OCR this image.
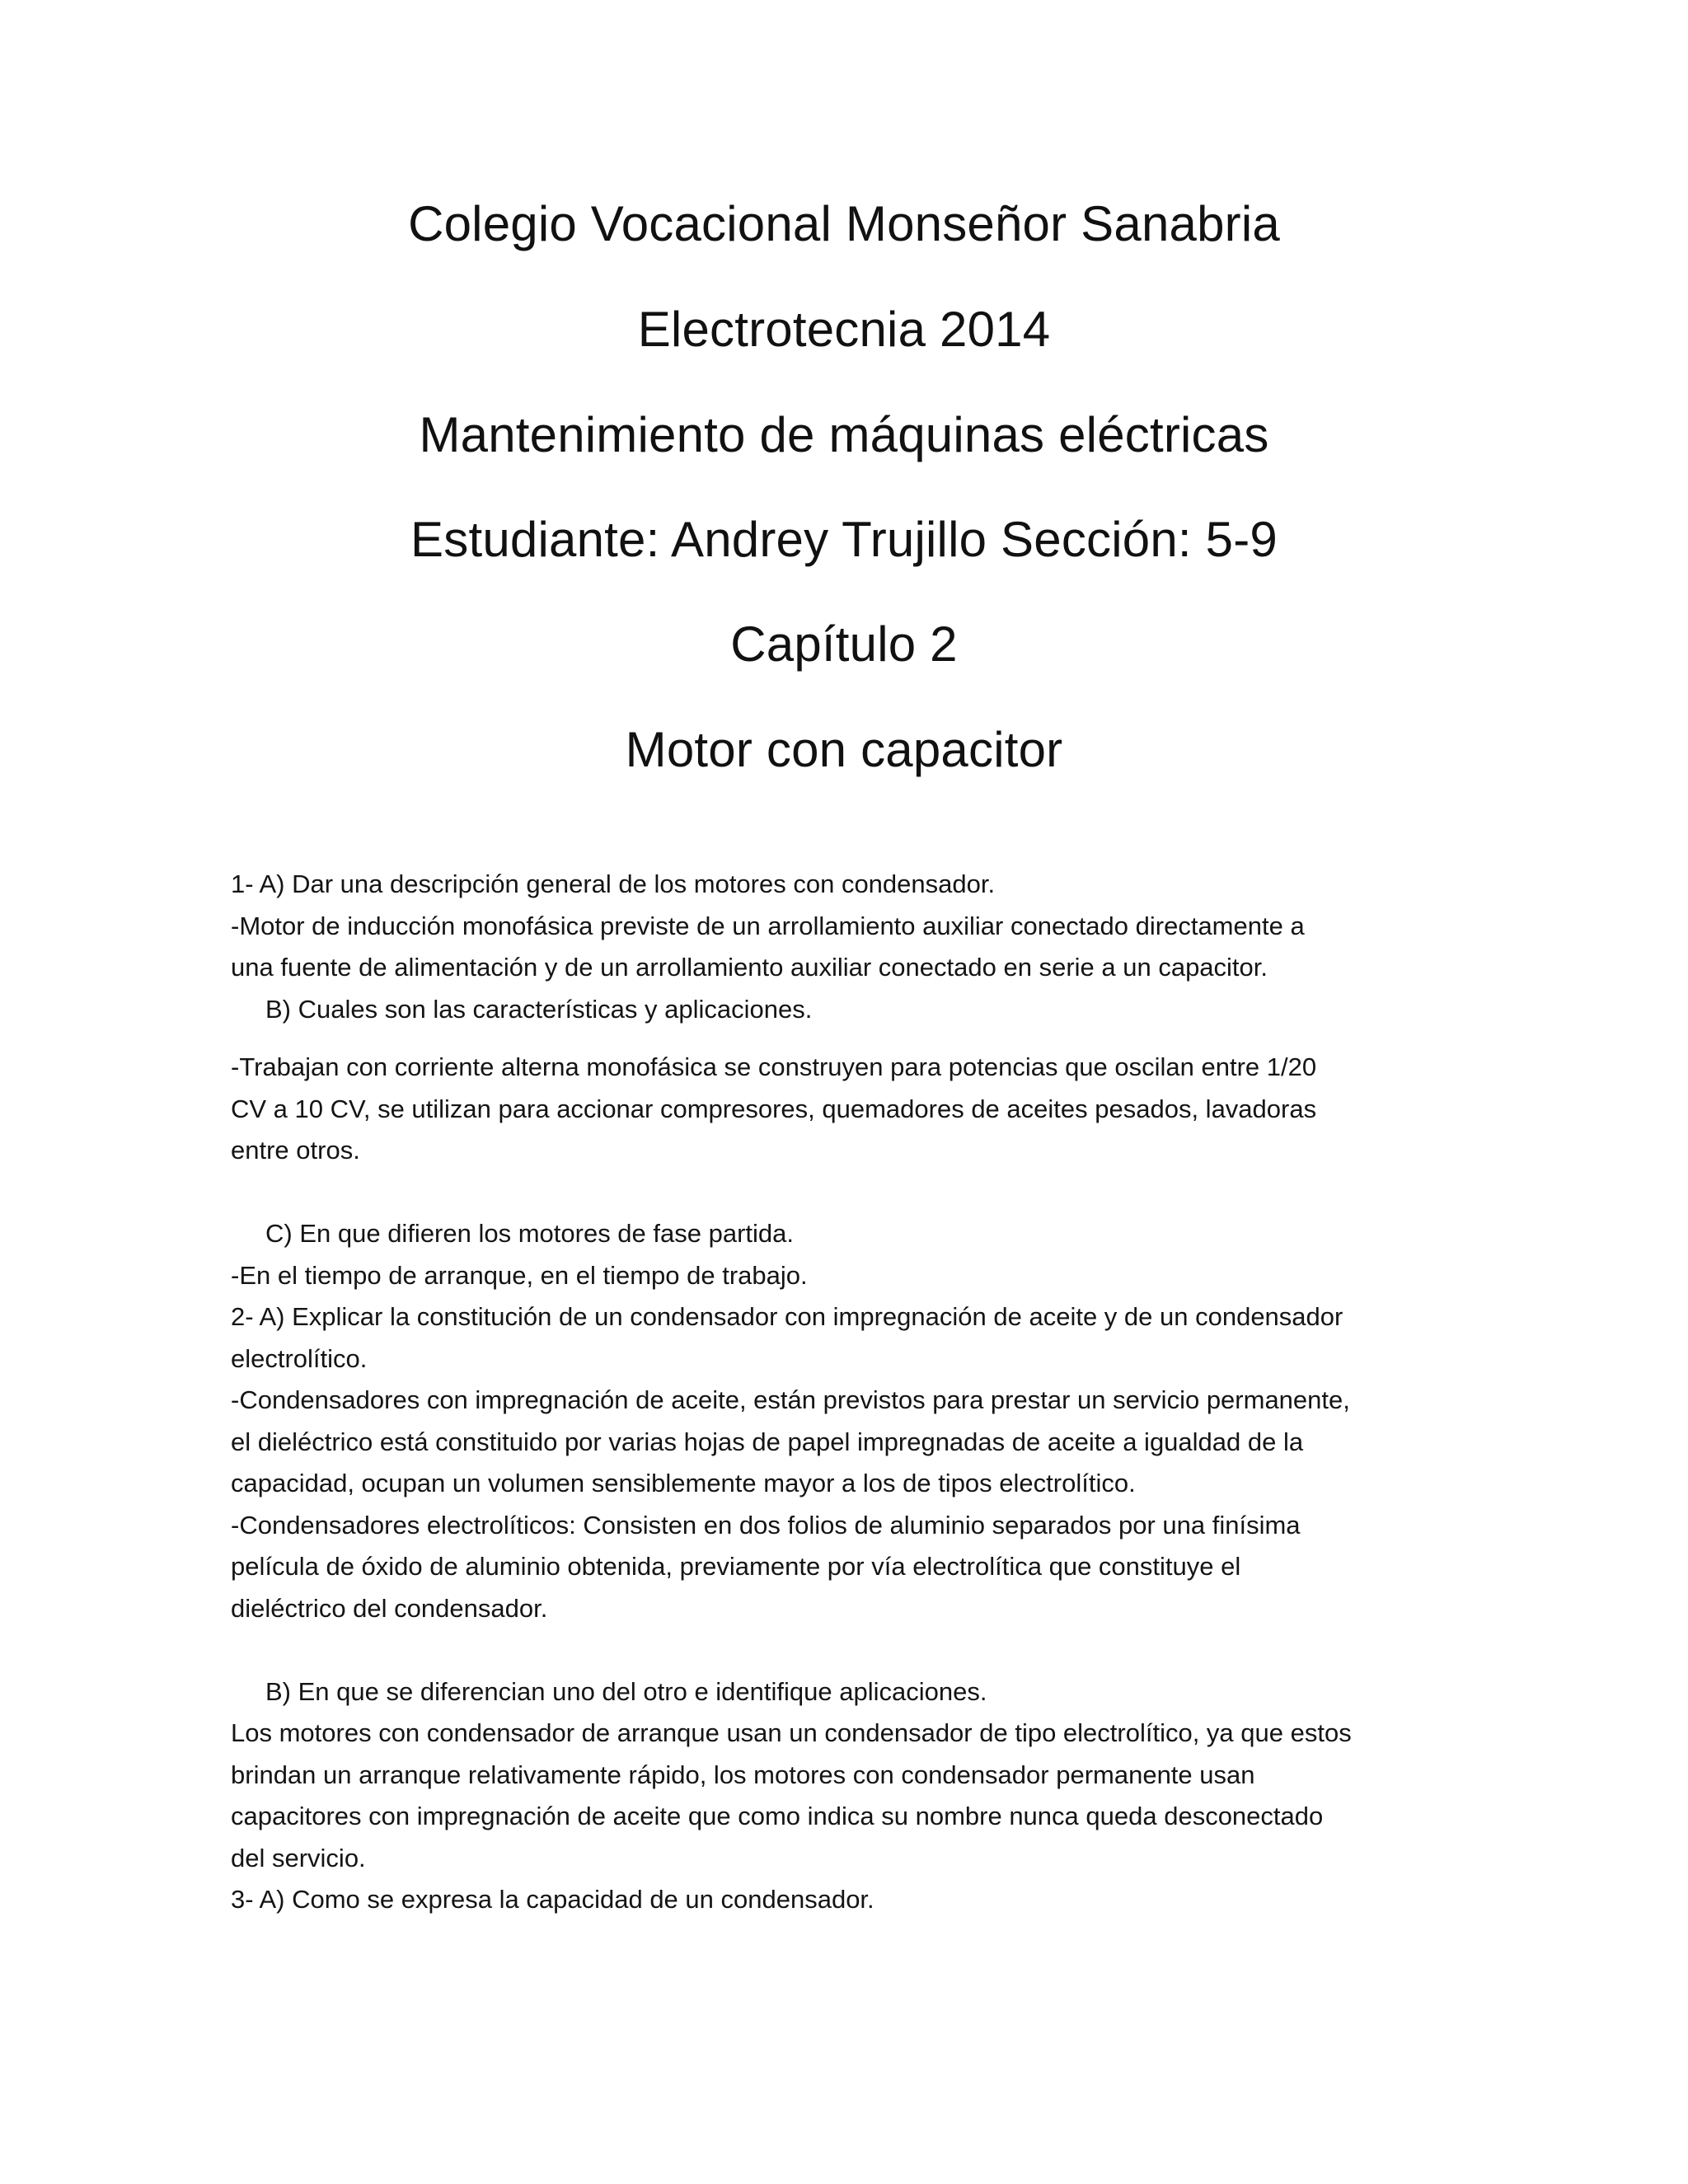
Colegio Vocacional Monseñor Sanabria
Electrotecnia 2014
Mantenimiento de máquinas eléctricas
Estudiante: Andrey Trujillo Sección: 5-9
Capítulo 2
Motor con capacitor
1- A) Dar una descripción general de los motores con condensador.
-Motor de inducción monofásica previste de un arrollamiento auxiliar conectado directamente a
una fuente de alimentación y de un arrollamiento auxiliar conectado en serie a un capacitor.
B) Cuales son las características y aplicaciones.
-Trabajan con corriente alterna monofásica se construyen para potencias que oscilan entre 1/20
CV a 10 CV, se utilizan para accionar compresores, quemadores de aceites pesados, lavadoras
entre otros.
C) En que difieren los motores de fase partida.
-En el tiempo de arranque, en el tiempo de trabajo.
2- A) Explicar la constitución de un condensador con impregnación de aceite y de un condensador
electrolítico.
-Condensadores con impregnación de aceite, están previstos para prestar un servicio permanente,
el dieléctrico está constituido por varias hojas de papel impregnadas de aceite a igualdad de la
capacidad, ocupan un volumen sensiblemente mayor a los de tipos electrolítico.
-Condensadores electrolíticos: Consisten en dos folios de aluminio separados por una finísima
película de óxido de aluminio obtenida, previamente por vía electrolítica que constituye el
dieléctrico del condensador.
B) En que se diferencian uno del otro e identifique aplicaciones.
Los motores con condensador de arranque usan un condensador de tipo electrolítico, ya que estos
brindan un arranque relativamente rápido, los motores con condensador permanente usan
capacitores con impregnación de aceite que como indica su nombre nunca queda desconectado
del servicio.
3- A) Como se expresa la capacidad de un condensador.
